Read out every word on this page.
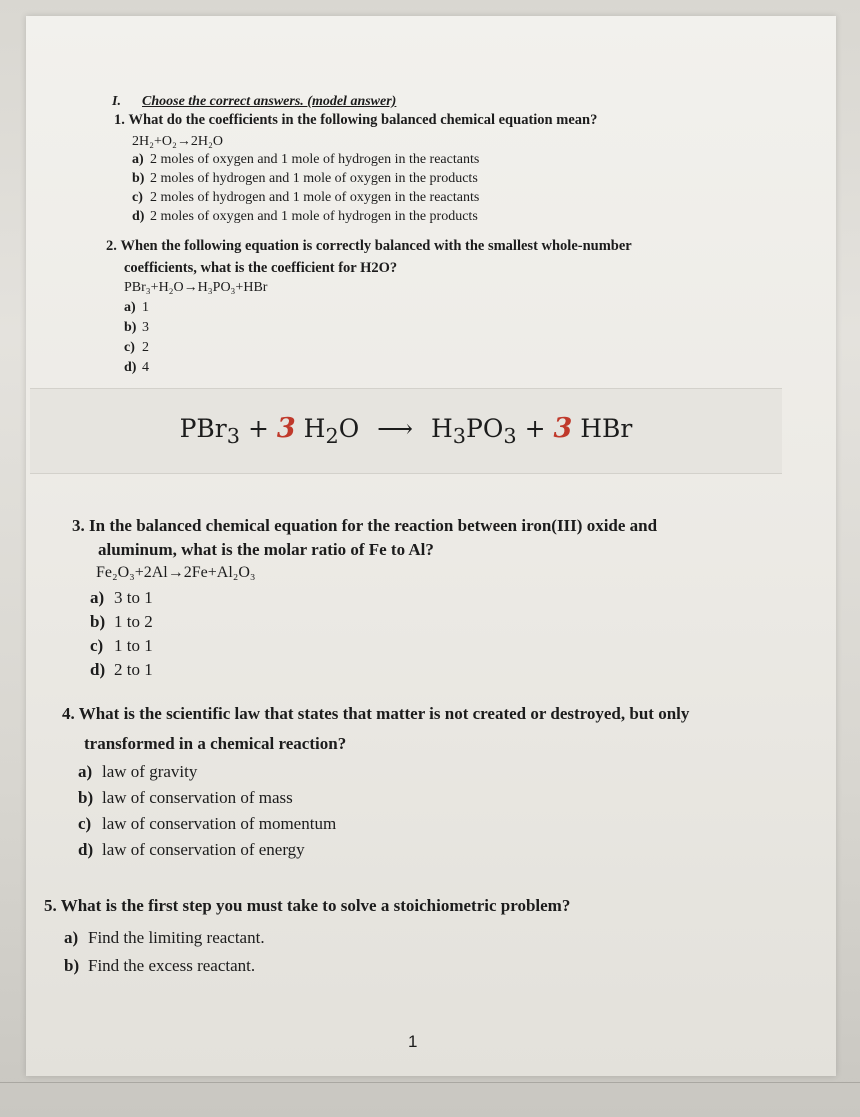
I. Choose the correct answers. (model answer)
1. What do the coefficients in the following balanced chemical equation mean?
2H₂+O₂→2H₂O
a) 2 moles of oxygen and 1 mole of hydrogen in the reactants
b) 2 moles of hydrogen and 1 mole of oxygen in the products
c) 2 moles of hydrogen and 1 mole of oxygen in the reactants
d) 2 moles of oxygen and 1 mole of hydrogen in the products
2. When the following equation is correctly balanced with the smallest whole-number
coefficients, what is the coefficient for H2O?
PBr₃+H₂O→H₃PO₃+HBr
a) 1
b) 3
c) 2
d) 4
PBr$_3$ + 3 $H_2O$ ⟶ $H_3PO_3 + 3$ HBr
3. In the balanced chemical equation for the reaction between iron(III) oxide and
aluminum, what is the molar ratio of Fe to Al?
Fe₂O₃+2Al→2Fe+Al₂O₃
a) 3 to 1
b) 1 to 2
c) 1 to 1
d) 2 to 1
4. What is the scientific law that states that matter is not created or destroyed, but only
transformed in a chemical reaction?
a) law of gravity
b) law of conservation of mass
c) law of conservation of momentum
d) law of conservation of energy
5. What is the first step you must take to solve a stoichiometric problem?
a) Find the limiting reactant.
b) Find the excess reactant.
1
